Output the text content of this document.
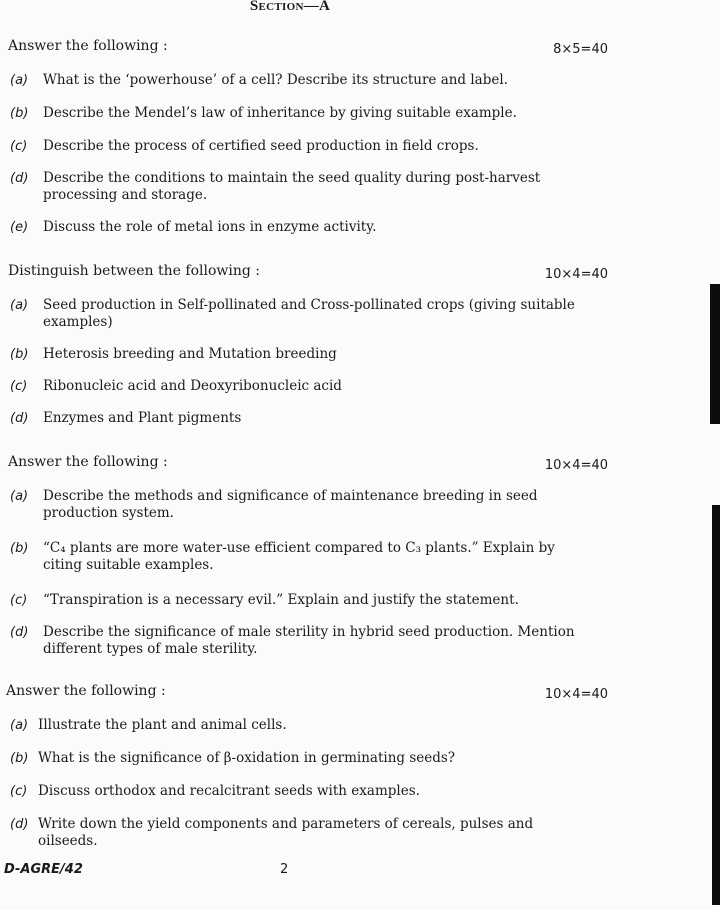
Section—A
Answer the following :	8×5=40
(a) What is the ‘powerhouse’ of a cell? Describe its structure and label.
(b) Describe the Mendel’s law of inheritance by giving suitable example.
(c) Describe the process of certified seed production in field crops.
(d) Describe the conditions to maintain the seed quality during post-harvest processing and storage.
(e) Discuss the role of metal ions in enzyme activity.
Distinguish between the following :	10×4=40
(a) Seed production in Self-pollinated and Cross-pollinated crops (giving suitable examples)
(b) Heterosis breeding and Mutation breeding
(c) Ribonucleic acid and Deoxyribonucleic acid
(d) Enzymes and Plant pigments
Answer the following :	10×4=40
(a) Describe the methods and significance of maintenance breeding in seed production system.
(b) “C₄ plants are more water-use efficient compared to C₃ plants.” Explain by citing suitable examples.
(c) “Transpiration is a necessary evil.” Explain and justify the statement.
(d) Describe the significance of male sterility in hybrid seed production. Mention different types of male sterility.
Answer the following :	10×4=40
(a) Illustrate the plant and animal cells.
(b) What is the significance of β-oxidation in germinating seeds?
(c) Discuss orthodox and recalcitrant seeds with examples.
(d) Write down the yield components and parameters of cereals, pulses and oilseeds.
D-AGRE/42	2
